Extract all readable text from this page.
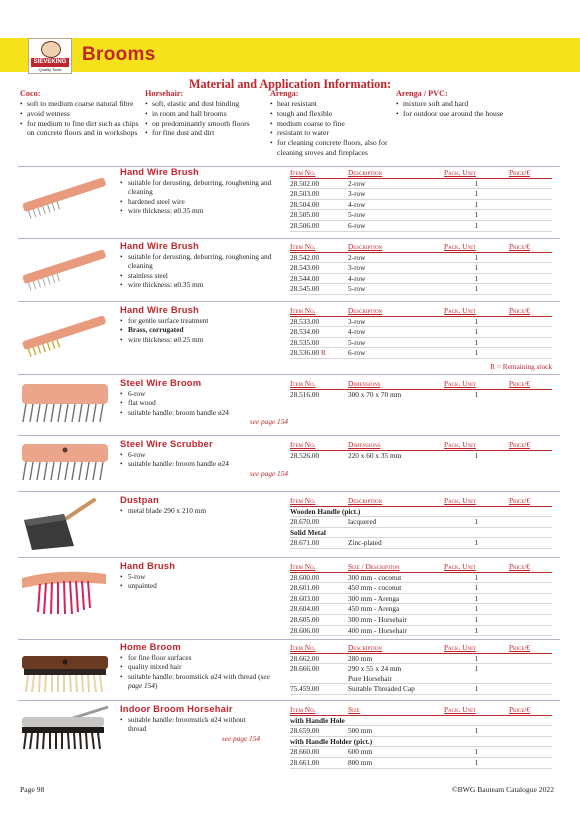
SIEVEKING
Quality Tools
Brooms
Material and Application Information:
Coco:
• soft to medium coarse natural fibre
• avoid wetness
• for medium to fine dirt such as chips on concrete floors and in workshops
Horsehair:
• soft, elastic and dust binding
• in room and hall brooms
• on predominantly smooth floors
• for fine dust and dirt
Arenga:
• heat resistant
• tough and flexible
• medium coarse to fine
• resistant to water
• for cleaning concrete floors, also for cleaning stoves and fireplaces
Arenga / PVC:
• mixture soft and hard
• for outdoor use around the house
Hand Wire Brush
• suitable for derusting, deburring, roughening and cleaning
• hardened steel wire
• wire thickness: ø0.35 mm
Item No.	Description	Pack. Unit	Price/€
28.502.00	2-row	1	
28.503.00	3-row	1	
28.504.00	4-row	1	
28.505.00	5-row	1	
28.506.00	6-row	1	
Hand Wire Brush
• suitable for derusting, deburring, roughening and cleaning
• stainless steel
• wire thickness: ø0.35 mm
Item No.	Description	Pack. Unit	Price/€
28.542.00	2-row	1	
28.543.00	3-row	1	
28.544.00	4-row	1	
28.545.00	5-row	1	
Hand Wire Brush
• for gentle surface treatment
• Brass, corrugated
• wire thickness: ø0.25 mm
Item No.	Description	Pack. Unit	Price/€
28.533.00	3-row	1	
28.534.00	4-row	1	
28.535.00	5-row	1	
28.536.00 R	6-row	1	
R = Remaining stock
Steel Wire Broom
• 6-row
• flat wood
• suitable handle: broom handle ø24
see page 154
Item No.	Dimensions	Pack. Unit	Price/€
28.516.00	300 x 70 x 70 mm	1	
Steel Wire Scrubber
• 6-row
• suitable handle: broom handle ø24
see page 154
Item No.	Dimensions	Pack. Unit	Price/€
28.526.00	220 x 60 x 35 mm	1	
Dustpan
• metal blade 290 x 210 mm
Item No.	Description	Pack. Unit	Price/€
Wooden Handle (pict.)			
28.670.00	lacquered	1	
Solid Metal			
28.671.00	Zinc-plated	1	
Hand Brush
• 5-row
• unpainted
Item No.	Size / Description	Pack. Unit	Price/€
28.600.00	300 mm - coconut	1	
28.601.00	450 mm - coconut	1	
28.603.00	300 mm - Arenga	1	
28.604.00	450 mm - Arenga	1	
28.605.00	300 mm - Horsehair	1	
28.606.00	400 mm - Horsehair	1	
Home Broom
• for fine floor surfaces
• quality mixed hair
• suitable handle: broomstick ø24 with thread (see page 154)
Item No.	Description	Pack. Unit	Price/€
28.662.00	280 mm	1	
28.666.00	290 x 55 x 24 mm	1	
	Pure Horsehair		
75.459.00	Suitable Threaded Cap	1	
Indoor Broom Horsehair
• suitable handle: broomstick ø24 without thread
see page 154
Item No.	Size	Pack. Unit	Price/€
with Handle Hole			
28.659.00	500 mm	1	
with Handle Holder (pict.)			
28.660.00	600 mm	1	
28.661.00	800 mm	1	
Page 98	©BWG Bauteam Catalogue 2022
